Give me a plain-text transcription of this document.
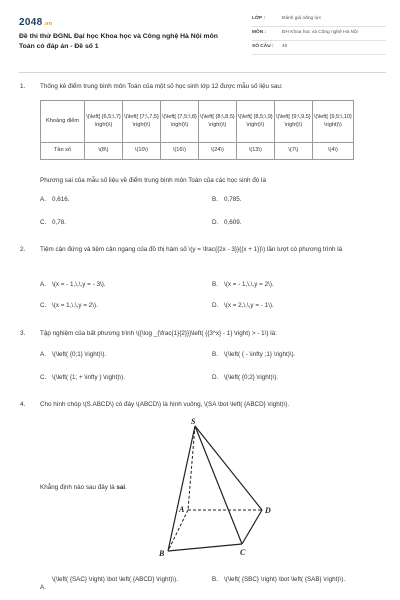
2048.vn
Đề thi thử ĐGNL Đại học Khoa học và Công nghệ Hà Nội môn Toán có đáp án - Đề số 1
LỚP :	Đánh giá năng lực
MÔN :	ĐH Khoa học và Công nghệ Hà Nội
SỐ CÂU :	40
1. Thống kê điểm trung bình môn Toán của một số học sinh lớp 12 được mẫu số liệu sau:
Khoảng điểm	\(\left[ {6,5;\,7} \right)\)	\(\left[ {7;\,7,5} \right)\)	\(\left[ {7,5;\,8} \right)\)	\(\left[ {8;\,8,5} \right)\)	\(\left[ {8,5;\,9} \right)\)	\(\left[ {9;\,9,5} \right)\)	\(\left[ {9,5;\,10} \right)\)
Tần số	\(8\)	\(10\)	\(16\)	\(24\)	\(13\)	\(7\)	\(4\)
Phương sai của mẫu số liệu về điểm trung bình môn Toán của các học sinh đó là
A. 0,616.	B. 0,785.
C. 0,78.	D. 0,609.
2. Tiệm cận đứng và tiệm cận ngang của đồ thị hàm số \(y = \frac{{2x - 3}}{{x + 1}}\) lần lượt có phương trình là
A. \(x = - 1,\,\,y = - 3\).	B. \(x = - 1,\,\,y = 2\).
C. \(x = 1,\,\,y = 2\).	D. \(x = 2,\,\,y = - 1\).
3. Tập nghiệm của bất phương trình \({\log _{\frac{1}{2}}}\left( {{3^x} - 1} \right) > - 1\) là:
A. \(\left( {0;1} \right)\).	B. \(\left( { - \infty ;1} \right)\).
C. \(\left( {1; + \infty } \right)\).	D. \(\left( {0;2} \right)\).
4. Cho hình chóp \(S.ABCD\) có đáy \(ABCD\) là hình vuông, \(SA \bot \left( {ABCD} \right)\).
S
A
B	C
D
Khẳng định nào sau đây là sai.
A.
\(\left( {SAC} \right) \bot \left( {ABCD} \right)\).	B. \(\left( {SBC} \right) \bot \left( {SAB} \right)\).
